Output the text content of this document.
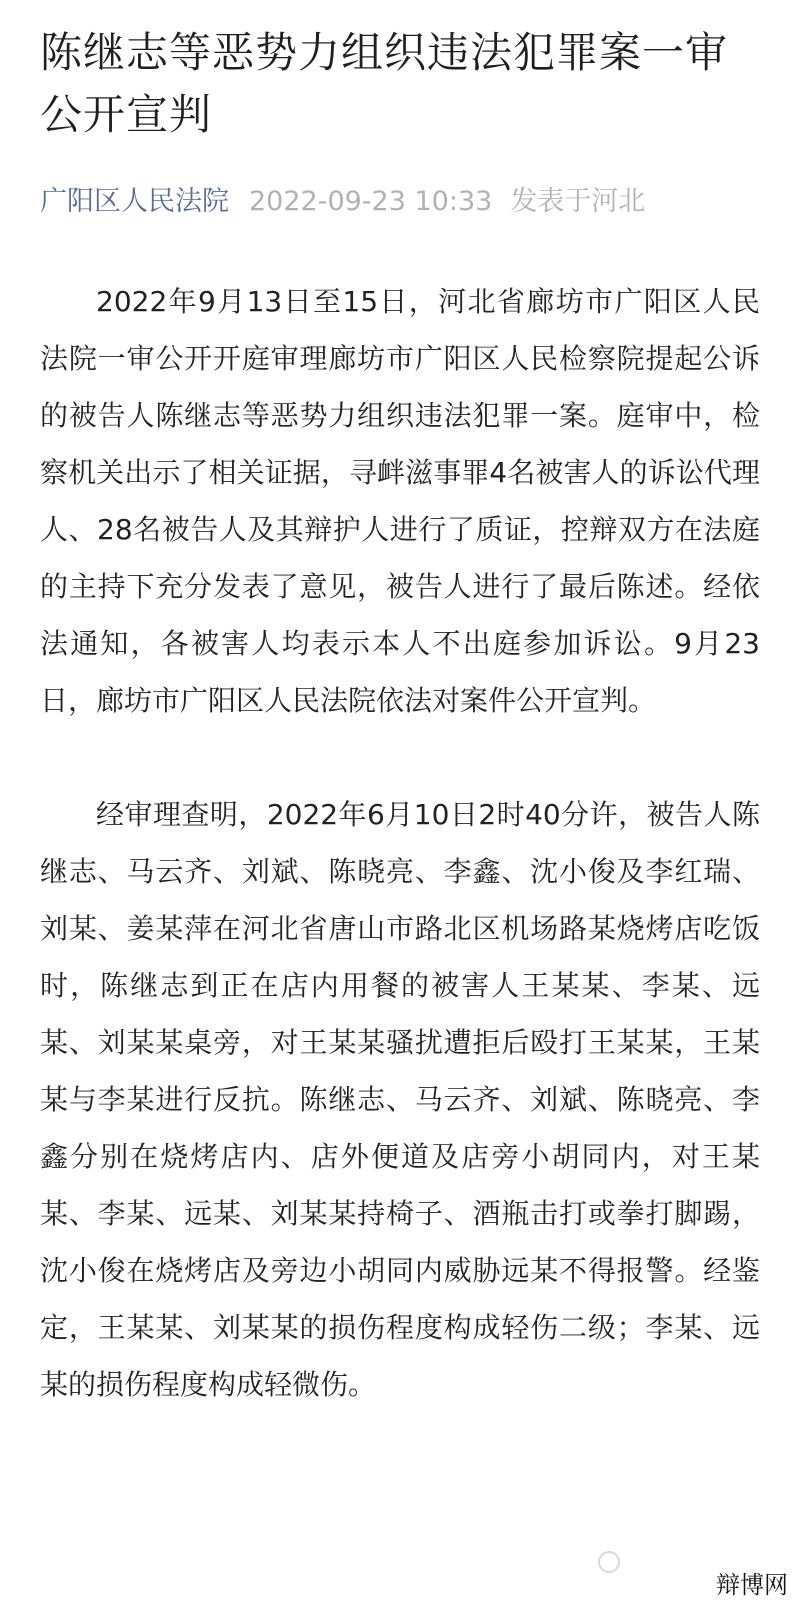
陈继志等恶势力组织违法犯罪案一审公开宣判
广阳区人民法院 2022-09-23 10:33 发表于河北

2022年9月13日至15日，河北省廊坊市广阳区人民法院一审公开开庭审理廊坊市广阳区人民检察院提起公诉的被告人陈继志等恶势力组织违法犯罪一案。庭审中，检察机关出示了相关证据，寻衅滋事罪4名被害人的诉讼代理人、28名被告人及其辩护人进行了质证，控辩双方在法庭的主持下充分发表了意见，被告人进行了最后陈述。经依法通知，各被害人均表示本人不出庭参加诉讼。9月23日，廊坊市广阳区人民法院依法对案件公开宣判。

经审理查明，2022年6月10日2时40分许，被告人陈继志、马云齐、刘斌、陈晓亮、李鑫、沈小俊及李红瑞、刘某、姜某萍在河北省唐山市路北区机场路某烧烤店吃饭时，陈继志到正在店内用餐的被害人王某某、李某、远某、刘某某桌旁，对王某某骚扰遭拒后殴打王某某，王某某与李某进行反抗。陈继志、马云齐、刘斌、陈晓亮、李鑫分别在烧烤店内、店外便道及店旁小胡同内，对王某某、李某、远某、刘某某持椅子、酒瓶击打或拳打脚踢，沈小俊在烧烤店及旁边小胡同内威胁远某不得报警。经鉴定，王某某、刘某某的损伤程度构成轻伤二级；李某、远某的损伤程度构成轻微伤。

辩博网
